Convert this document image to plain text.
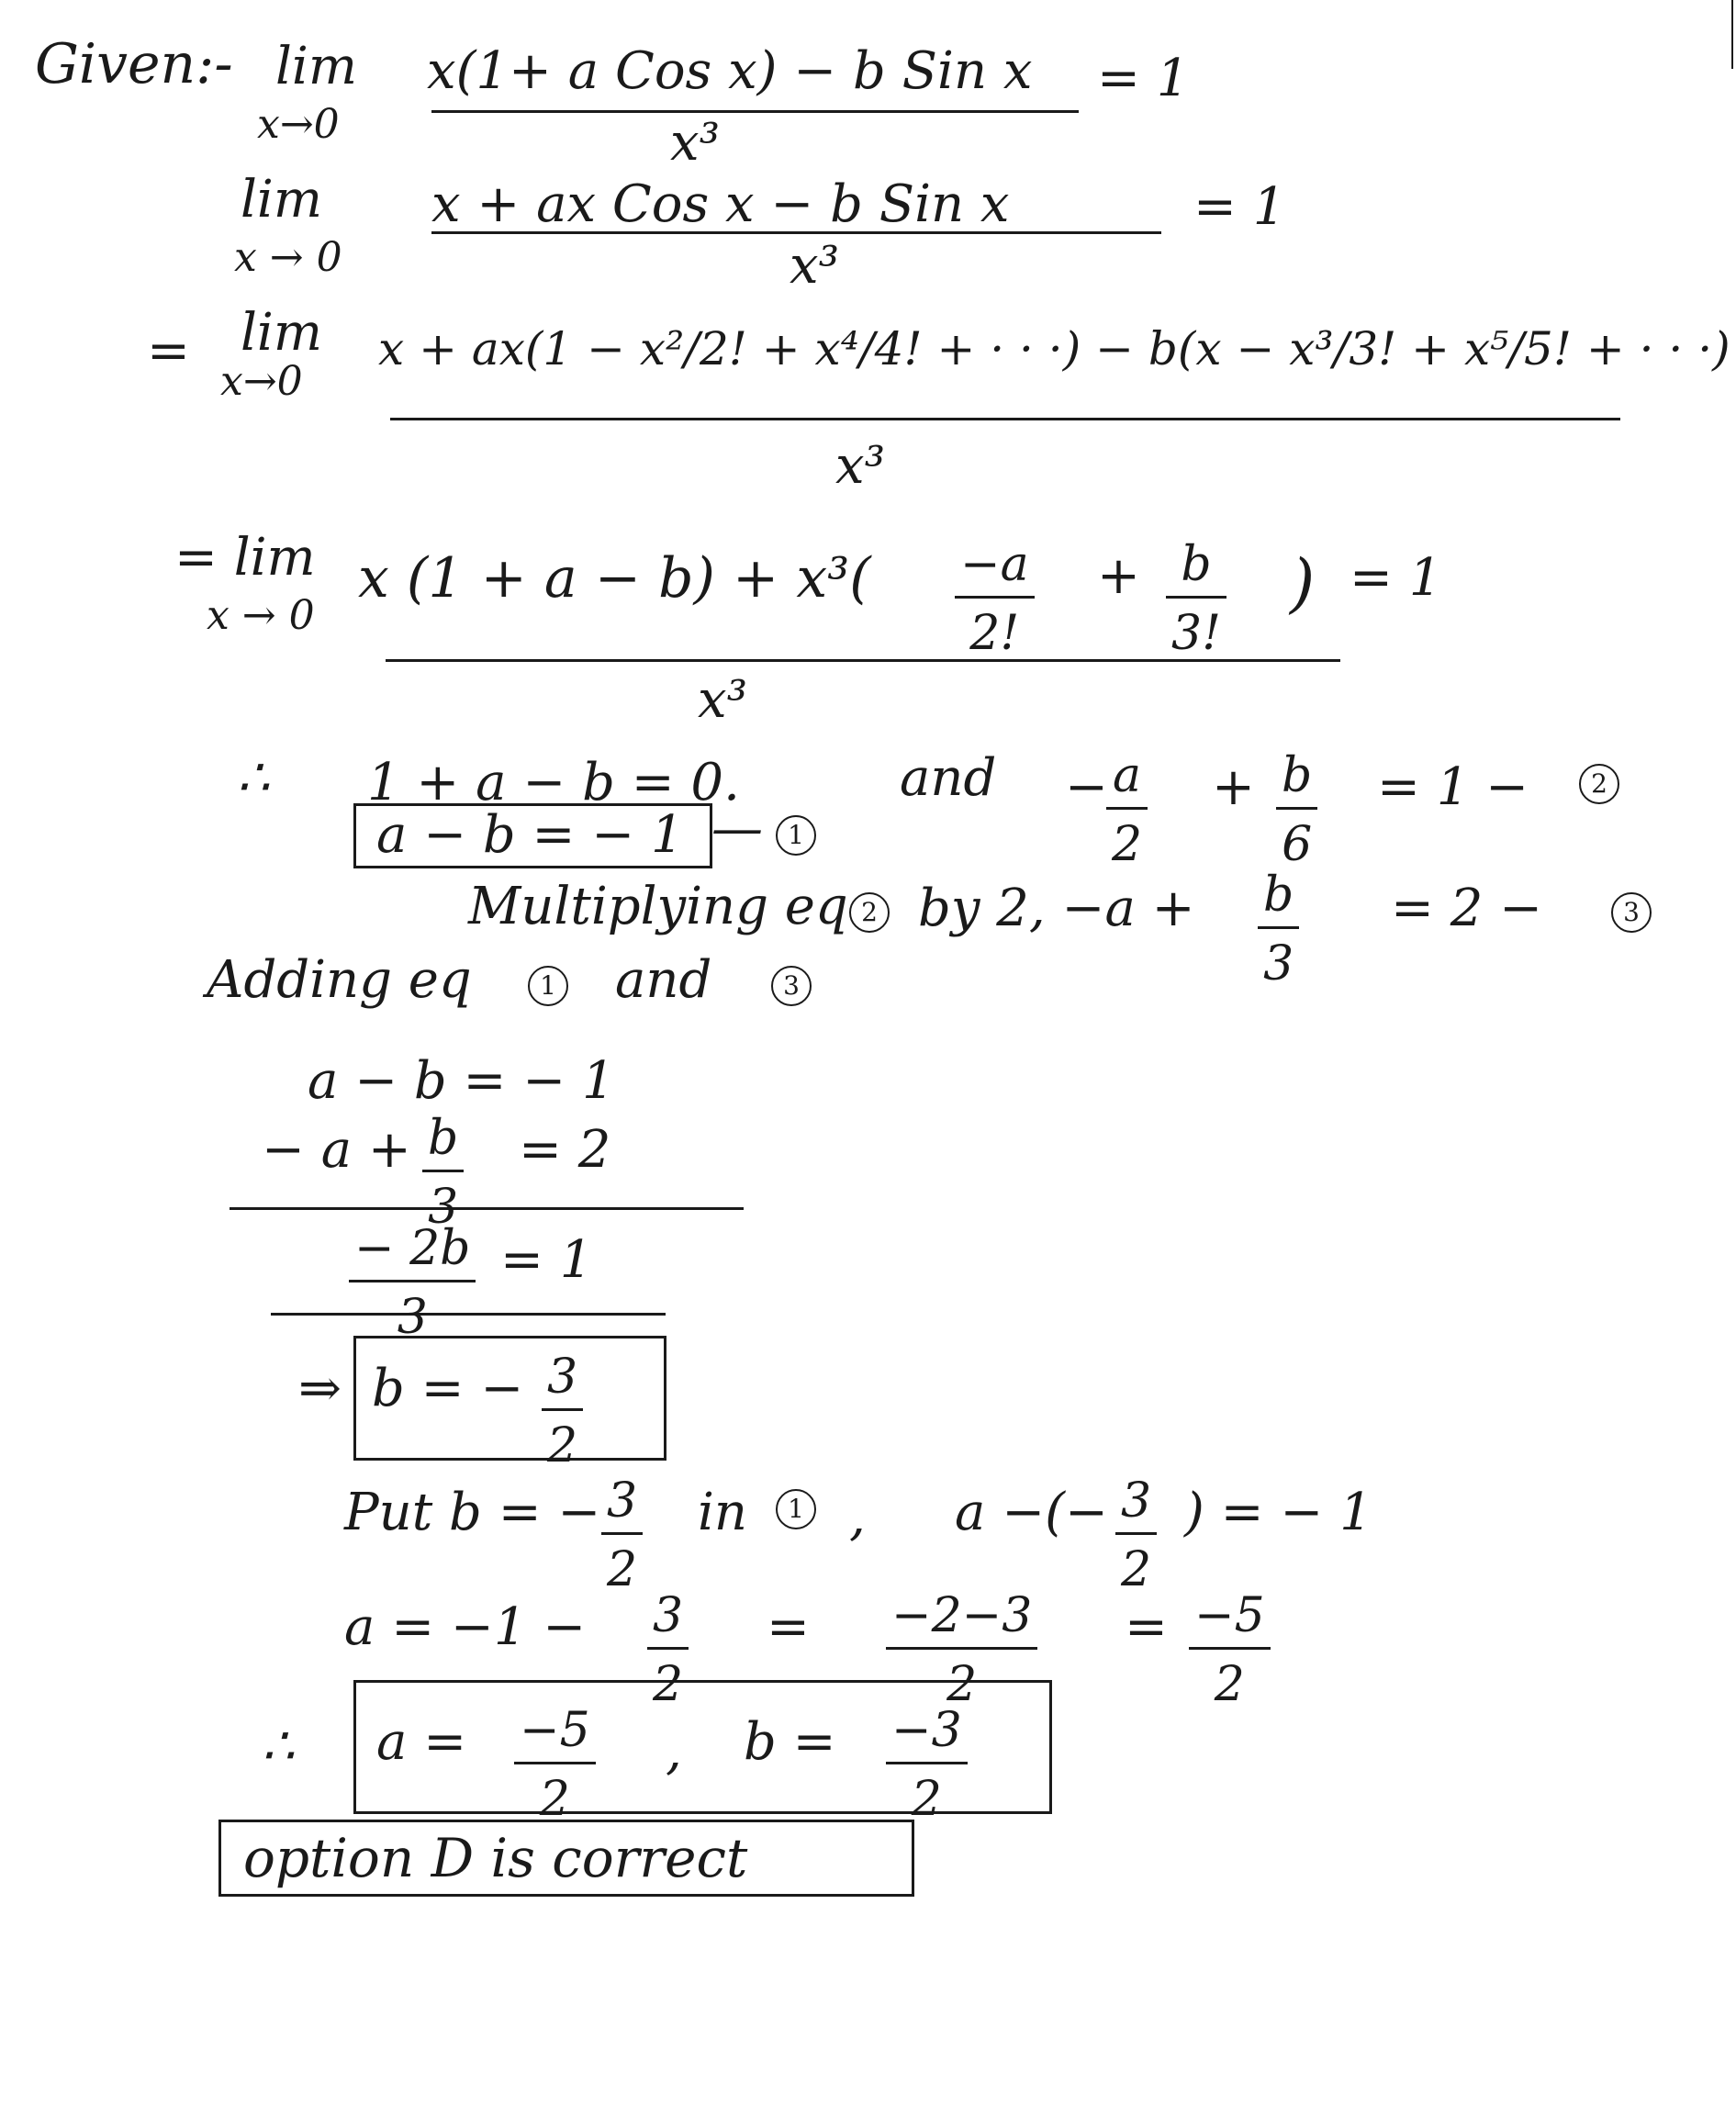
Given:- lim
x→0
x(1+ a Cos x) − b Sin x
x³
= 1
lim
x → 0
x + ax Cos x − b Sin x
x³
= 1
= lim
x→0
x + ax(1 − x²/2! + x⁴/4! + · · ·) − b(x − x³/3! + x⁵/5! + · · ·)
x³
= lim
x → 0
x (1 + a − b) + x³( −a
2!
+ b
3!
) = 1
x³
∴ 1 + a − b = 0.	and − a
2
+ b
6
= 1 −	2
a − b = − 1 — 1
Multiplying eq 2 by 2, −a + b
3
= 2 −	3
Adding eq	1 and	3
a − b = − 1
− a + b
3
= 2
− 2b
3
= 1
⇒ b = − 3
2
Put b = − 3
2
in	1 , a −(− 3
2
) = − 1
a = −1 − 3
2
= −2−3
2
= −5
2
∴ a = −5
2
, b = −3
2
option D is correct
